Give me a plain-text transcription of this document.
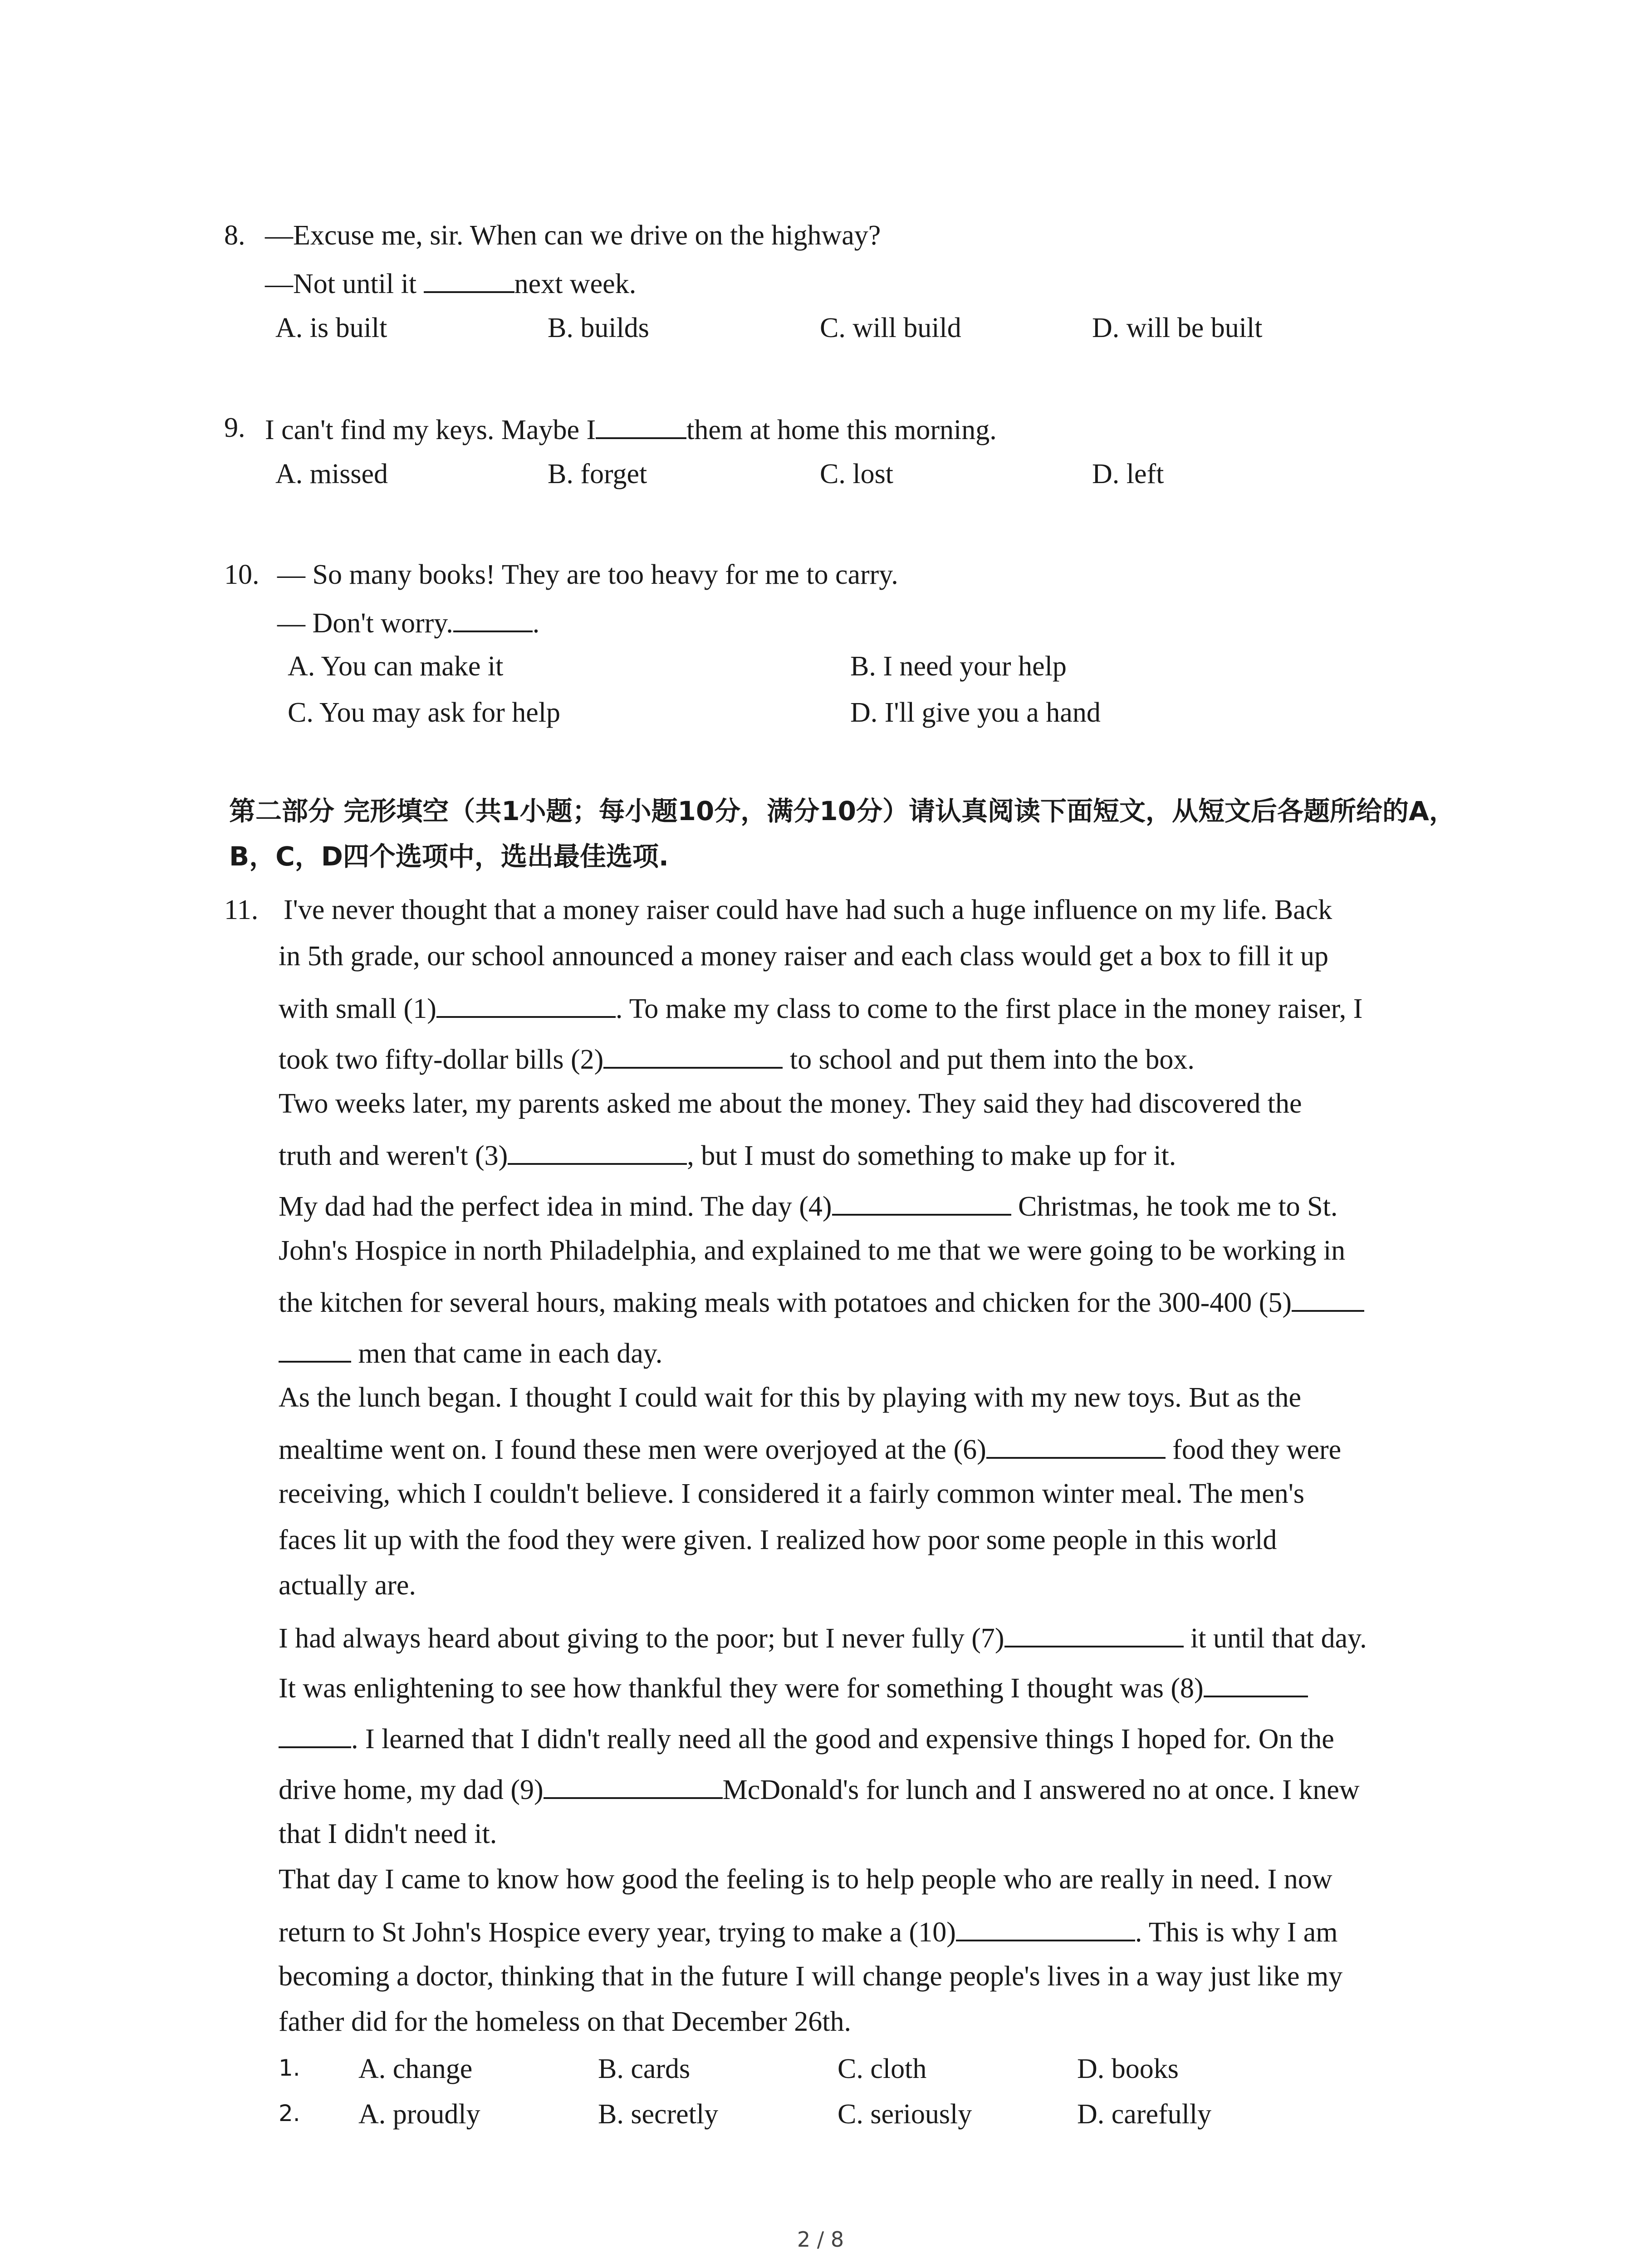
8. —Excuse me, sir. When can we drive on the highway?
—Not until it	next week.
A. is built	B. builds	C. will build	D. will be built
9. I can't find my keys. Maybe I	them at home this morning.
A. missed	B. forget	C. lost	D. left
10. — So many books! They are too heavy for me to carry.
— Don't worry.	.
A. You can make it	B. I need your help
C. You may ask for help	D. I'll give you a hand
第二部分 完形填空（共1小题；每小题10分，满分10分）请认真阅读下面短文，从短文后各题所给的A，B，C，D四个选项中，选出最佳选项.
11. I've never thought that a money raiser could have had such a huge influence on my life. Back
in 5th grade, our school announced a money raiser and each class would get a box to fill it up
with small (1)	. To make my class to come to the first place in the money raiser, I
took two fifty-dollar bills (2)	to school and put them into the box.
Two weeks later, my parents asked me about the money. They said they had discovered the
truth and weren't (3)	, but I must do something to make up for it.
My dad had the perfect idea in mind. The day (4)	Christmas, he took me to St.
John's Hospice in north Philadelphia, and explained to me that we were going to be working in
the kitchen for several hours, making meals with potatoes and chicken for the 300-400 (5)
men that came in each day.
As the lunch began. I thought I could wait for this by playing with my new toys. But as the
mealtime went on. I found these men were overjoyed at the (6)	food they were
receiving, which I couldn't believe. I considered it a fairly common winter meal. The men's
faces lit up with the food they were given. I realized how poor some people in this world
actually are.
I had always heard about giving to the poor; but I never fully (7)	it until that day.
It was enlightening to see how thankful they were for something I thought was (8)
. I learned that I didn't really need all the good and expensive things I hoped for. On the
drive home, my dad (9)	McDonald's for lunch and I answered no at once. I knew
that I didn't need it.
That day I came to know how good the feeling is to help people who are really in need. I now
return to St John's Hospice every year, trying to make a (10)	. This is why I am
becoming a doctor, thinking that in the future I will change people's lives in a way just like my
father did for the homeless on that December 26th.
1. A. change	B. cards	C. cloth	D. books
2. A. proudly	B. secretly	C. seriously	D. carefully
2 / 8
